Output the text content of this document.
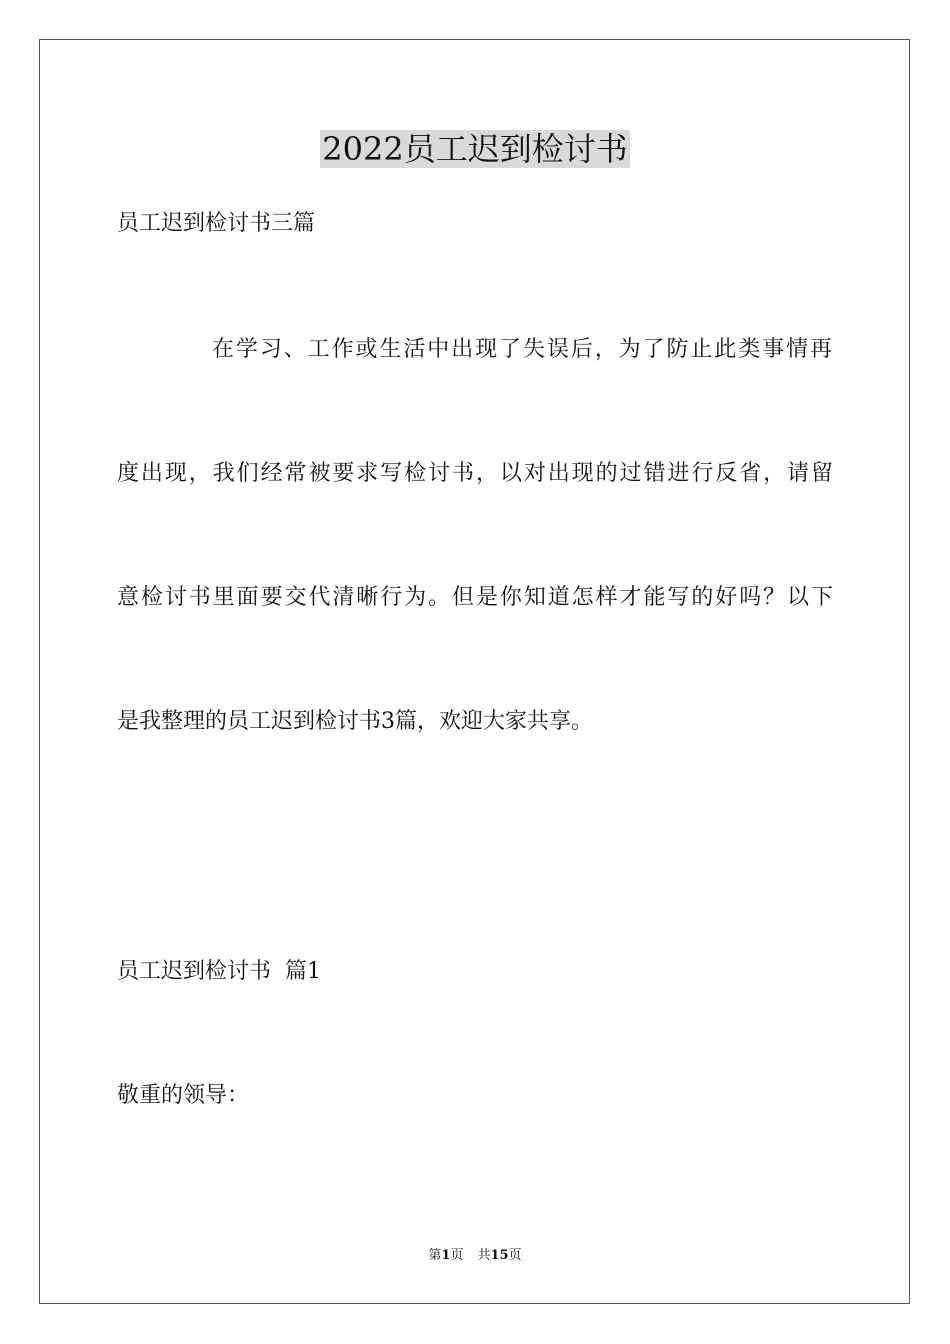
2022员工迟到检讨书

员工迟到检讨书三篇

在学习、工作或生活中出现了失误后，为了防止此类事情再

度出现，我们经常被要求写检讨书，以对出现的过错进行反省，请留

意检讨书里面要交代清晰行为。但是你知道怎样才能写的好吗？以下

是我整理的员工迟到检讨书3篇，欢迎大家共享。

员工迟到检讨书  篇1

敬重的领导：

第1页 共15页
